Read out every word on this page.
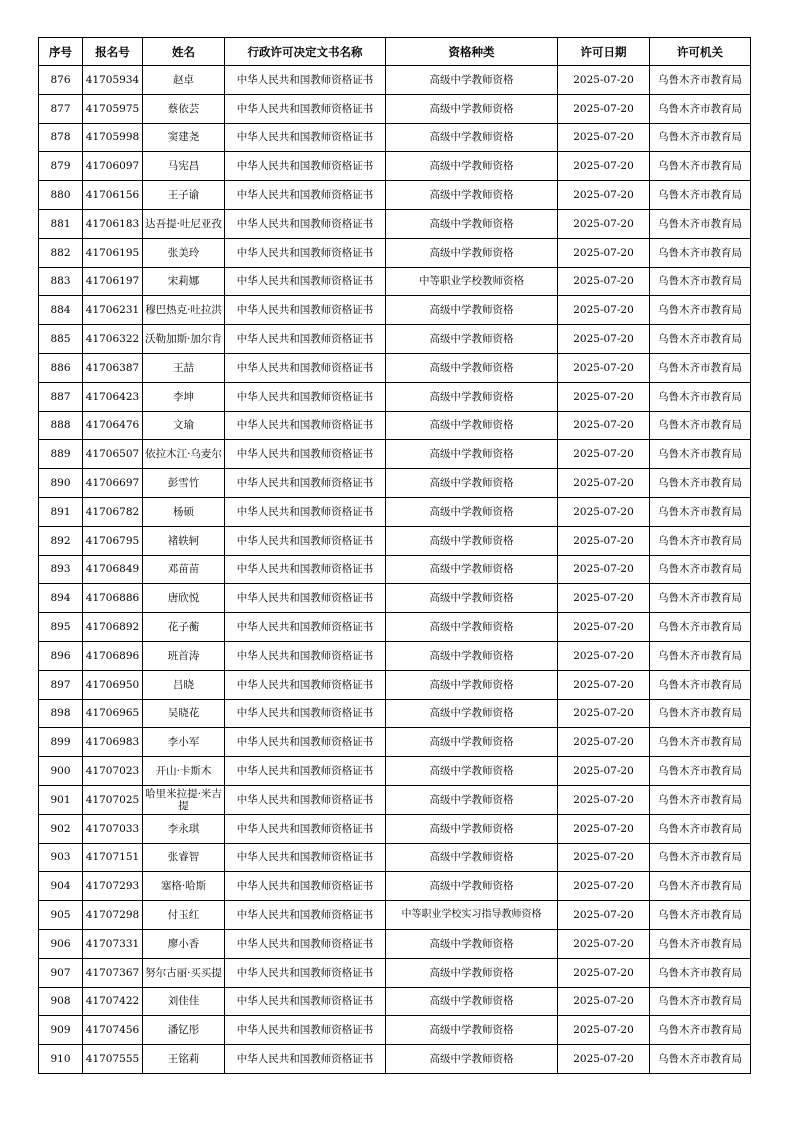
序号	报名号	姓名	行政许可决定文书名称	资格种类	许可日期	许可机关
876	41705934	赵卓	中华人民共和国教师资格证书	高级中学教师资格	2025-07-20	乌鲁木齐市教育局
877	41705975	蔡依芸	中华人民共和国教师资格证书	高级中学教师资格	2025-07-20	乌鲁木齐市教育局
878	41705998	窦建尧	中华人民共和国教师资格证书	高级中学教师资格	2025-07-20	乌鲁木齐市教育局
879	41706097	马宪昌	中华人民共和国教师资格证书	高级中学教师资格	2025-07-20	乌鲁木齐市教育局
880	41706156	王子谕	中华人民共和国教师资格证书	高级中学教师资格	2025-07-20	乌鲁木齐市教育局
881	41706183	达吾提·吐尼亚孜	中华人民共和国教师资格证书	高级中学教师资格	2025-07-20	乌鲁木齐市教育局
882	41706195	张美玲	中华人民共和国教师资格证书	高级中学教师资格	2025-07-20	乌鲁木齐市教育局
883	41706197	宋莉娜	中华人民共和国教师资格证书	中等职业学校教师资格	2025-07-20	乌鲁木齐市教育局
884	41706231	穆巴热克·吐拉洪	中华人民共和国教师资格证书	高级中学教师资格	2025-07-20	乌鲁木齐市教育局
885	41706322	沃勒加斯·加尔肯	中华人民共和国教师资格证书	高级中学教师资格	2025-07-20	乌鲁木齐市教育局
886	41706387	王喆	中华人民共和国教师资格证书	高级中学教师资格	2025-07-20	乌鲁木齐市教育局
887	41706423	李坤	中华人民共和国教师资格证书	高级中学教师资格	2025-07-20	乌鲁木齐市教育局
888	41706476	文瑜	中华人民共和国教师资格证书	高级中学教师资格	2025-07-20	乌鲁木齐市教育局
889	41706507	依拉木江·乌麦尔	中华人民共和国教师资格证书	高级中学教师资格	2025-07-20	乌鲁木齐市教育局
890	41706697	彭雪竹	中华人民共和国教师资格证书	高级中学教师资格	2025-07-20	乌鲁木齐市教育局
891	41706782	杨硕	中华人民共和国教师资格证书	高级中学教师资格	2025-07-20	乌鲁木齐市教育局
892	41706795	褚轶轲	中华人民共和国教师资格证书	高级中学教师资格	2025-07-20	乌鲁木齐市教育局
893	41706849	邓苗苗	中华人民共和国教师资格证书	高级中学教师资格	2025-07-20	乌鲁木齐市教育局
894	41706886	唐欣悦	中华人民共和国教师资格证书	高级中学教师资格	2025-07-20	乌鲁木齐市教育局
895	41706892	花子蘅	中华人民共和国教师资格证书	高级中学教师资格	2025-07-20	乌鲁木齐市教育局
896	41706896	班首涛	中华人民共和国教师资格证书	高级中学教师资格	2025-07-20	乌鲁木齐市教育局
897	41706950	吕晓	中华人民共和国教师资格证书	高级中学教师资格	2025-07-20	乌鲁木齐市教育局
898	41706965	吴晓花	中华人民共和国教师资格证书	高级中学教师资格	2025-07-20	乌鲁木齐市教育局
899	41706983	李小军	中华人民共和国教师资格证书	高级中学教师资格	2025-07-20	乌鲁木齐市教育局
900	41707023	开山·卡斯木	中华人民共和国教师资格证书	高级中学教师资格	2025-07-20	乌鲁木齐市教育局
901	41707025	哈里米拉提·米吉提	中华人民共和国教师资格证书	高级中学教师资格	2025-07-20	乌鲁木齐市教育局
902	41707033	李永琪	中华人民共和国教师资格证书	高级中学教师资格	2025-07-20	乌鲁木齐市教育局
903	41707151	张睿智	中华人民共和国教师资格证书	高级中学教师资格	2025-07-20	乌鲁木齐市教育局
904	41707293	塞格·哈斯	中华人民共和国教师资格证书	高级中学教师资格	2025-07-20	乌鲁木齐市教育局
905	41707298	付玉红	中华人民共和国教师资格证书	中等职业学校实习指导教师资格	2025-07-20	乌鲁木齐市教育局
906	41707331	廖小香	中华人民共和国教师资格证书	高级中学教师资格	2025-07-20	乌鲁木齐市教育局
907	41707367	努尔古丽·买买提	中华人民共和国教师资格证书	高级中学教师资格	2025-07-20	乌鲁木齐市教育局
908	41707422	刘佳佳	中华人民共和国教师资格证书	高级中学教师资格	2025-07-20	乌鲁木齐市教育局
909	41707456	潘钇彤	中华人民共和国教师资格证书	高级中学教师资格	2025-07-20	乌鲁木齐市教育局
910	41707555	王铭莉	中华人民共和国教师资格证书	高级中学教师资格	2025-07-20	乌鲁木齐市教育局
